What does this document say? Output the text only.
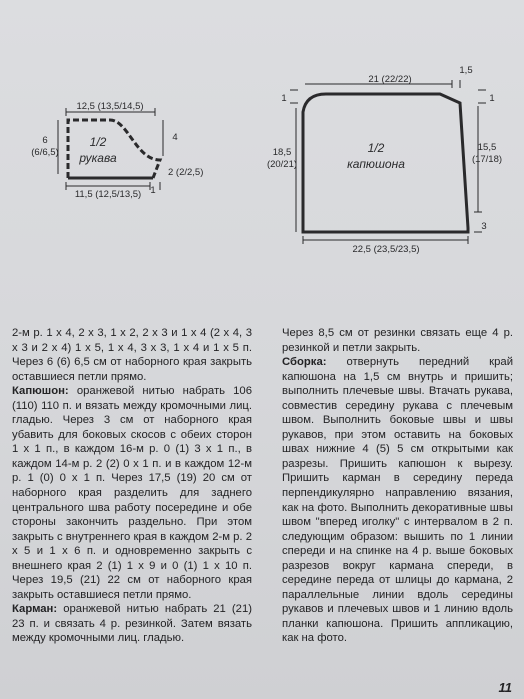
12,5 (13,5/14,5)
6
(6/6,5)
4
2 (2/2,5)
1/2
рукава
11,5 (12,5/13,5) 1
21 (22/22)
1,5
1	1
1/2
капюшона
18,5
(20/21)
15,5
(17/18)
3
22,5 (23,5/23,5)

2-м р. 1 x 4, 2 x 3, 1 x 2, 2 x 3 и 1 x 4 (2 x 4, 3 x 3 и 2 x 4) 1 x 5, 1 x 4, 3 x 3, 1 x 4 и 1 x 5 п. Через 6 (6) 6,5 см от наборного края закрыть оставшиеся петли прямо.

Капюшон: оранжевой нитью набрать 106 (110) 110 п. и вязать между кромочными лиц. гладью. Через 3 см от наборного края убавить для боковых скосов с обеих сторон 1 x 1 п., в каждом 16-м р. 0 (1) 3 x 1 п., в каждом 14-м р. 2 (2) 0 x 1 п. и в каждом 12-м р. 1 (0) 0 x 1 п. Через 17,5 (19) 20 см от наборного края разделить для заднего центрального шва работу посередине и обе стороны закончить раздельно. При этом закрыть с внутреннего края в каждом 2-м р. 2 x 5 и 1 x 6 п. и одновременно закрыть с внешнего края 2 (1) 1 x 9 и 0 (1) 1 x 10 п. Через 19,5 (21) 22 см от наборного края закрыть оставшиеся петли прямо.

Карман: оранжевой нитью набрать 21 (21) 23 п. и связать 4 р. резинкой. Затем вязать между кромочными лиц. гладью.

Через 8,5 см от резинки связать еще 4 р. резинкой и петли закрыть.

Сборка: отвернуть передний край капюшона на 1,5 см внутрь и пришить; выполнить плечевые швы. Втачать рукава, совместив середину рукава с плечевым швом. Выполнить боковые швы и швы рукавов, при этом оставить на боковых швах нижние 4 (5) 5 см открытыми как разрезы. Пришить капюшон к вырезу. Пришить карман в середину переда перпендикулярно направлению вязания, как на фото. Выполнить декоративные швы швом "вперед иголку" с интервалом в 2 п. следующим образом: вышить по 1 линии спереди и на спинке на 4 р. выше боковых разрезов вокруг кармана спереди, в середине переда от шлицы до кармана, 2 параллельные линии вдоль середины рукавов и плечевых швов и 1 линию вдоль планки капюшона. Пришить аппликацию, как на фото.

11
